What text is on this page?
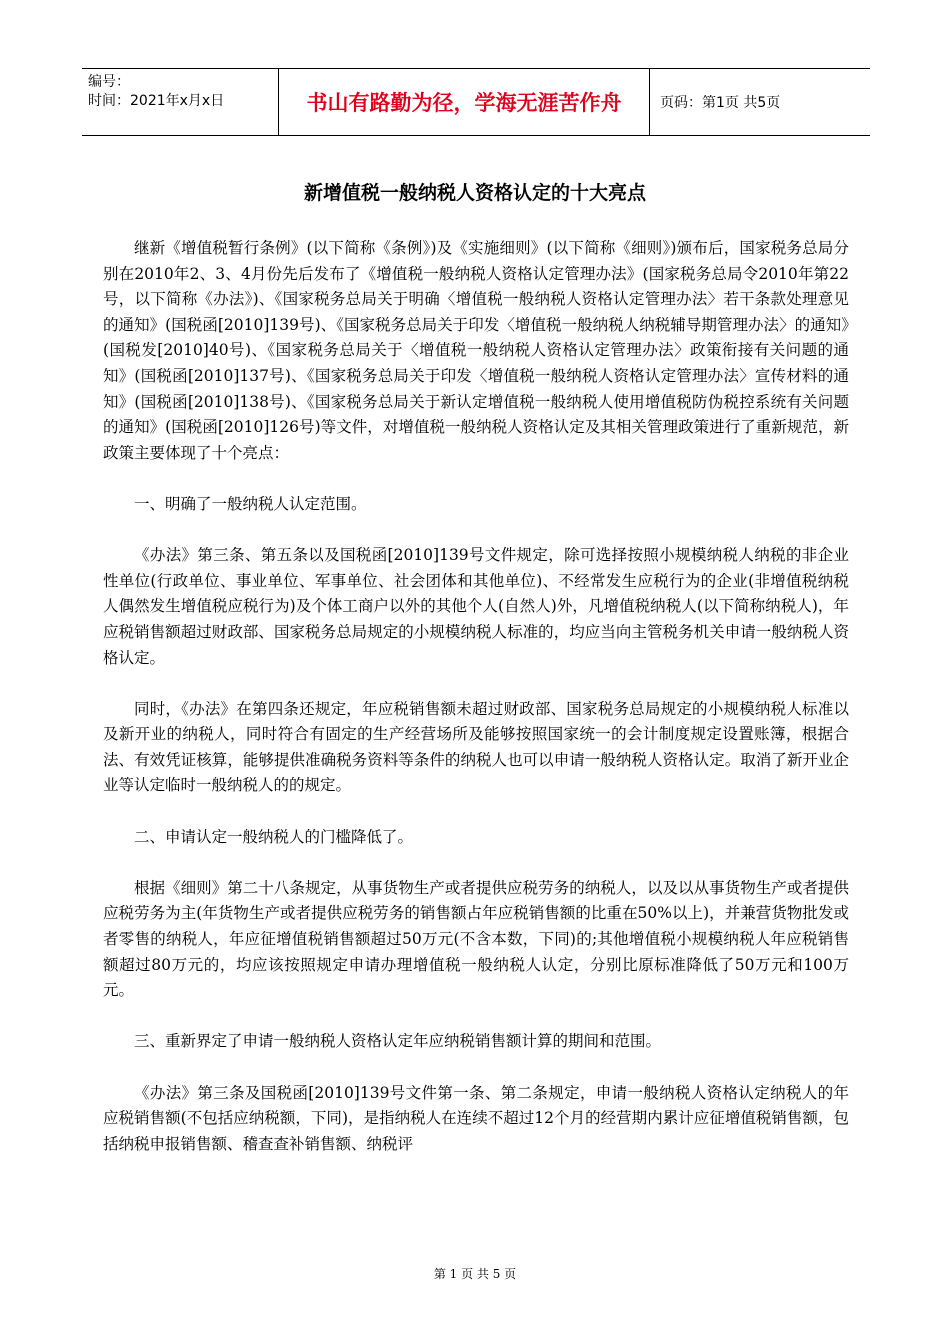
编号：
时间：2021年x月x日	书山有路勤为径，学海无涯苦作舟	页码：第1页 共5页
新增值税一般纳税人资格认定的十大亮点

继新《增值税暂行条例》(以下简称《条例》)及《实施细则》(以下简称《细则》)颁布后，国家税务总局分别在2010年2、3、4月份先后发布了《增值税一般纳税人资格认定管理办法》(国家税务总局令2010年第22号，以下简称《办法》)、《国家税务总局关于明确〈增值税一般纳税人资格认定管理办法〉若干条款处理意见的通知》(国税函[2010]139号)、《国家税务总局关于印发〈增值税一般纳税人纳税辅导期管理办法〉的通知》(国税发[2010]40号)、《国家税务总局关于〈增值税一般纳税人资格认定管理办法〉政策衔接有关问题的通知》(国税函[2010]137号)、《国家税务总局关于印发〈增值税一般纳税人资格认定管理办法〉宣传材料的通知》(国税函[2010]138号)、《国家税务总局关于新认定增值税一般纳税人使用增值税防伪税控系统有关问题的通知》(国税函[2010]126号)等文件，对增值税一般纳税人资格认定及其相关管理政策进行了重新规范，新政策主要体现了十个亮点：

一、明确了一般纳税人认定范围。

《办法》第三条、第五条以及国税函[2010]139号文件规定，除可选择按照小规模纳税人纳税的非企业性单位(行政单位、事业单位、军事单位、社会团体和其他单位)、不经常发生应税行为的企业(非增值税纳税人偶然发生增值税应税行为)及个体工商户以外的其他个人(自然人)外，凡增值税纳税人(以下简称纳税人)，年应税销售额超过财政部、国家税务总局规定的小规模纳税人标准的，均应当向主管税务机关申请一般纳税人资格认定。

同时，《办法》在第四条还规定，年应税销售额未超过财政部、国家税务总局规定的小规模纳税人标准以及新开业的纳税人，同时符合有固定的生产经营场所及能够按照国家统一的会计制度规定设置账簿，根据合法、有效凭证核算，能够提供准确税务资料等条件的纳税人也可以申请一般纳税人资格认定。取消了新开业企业等认定临时一般纳税人的的规定。

二、申请认定一般纳税人的门槛降低了。

根据《细则》第二十八条规定，从事货物生产或者提供应税劳务的纳税人，以及以从事货物生产或者提供应税劳务为主(年货物生产或者提供应税劳务的销售额占年应税销售额的比重在50%以上)，并兼营货物批发或者零售的纳税人，年应征增值税销售额超过50万元(不含本数，下同)的;其他增值税小规模纳税人年应税销售额超过80万元的，均应该按照规定申请办理增值税一般纳税人认定，分别比原标准降低了50万元和100万元。

三、重新界定了申请一般纳税人资格认定年应纳税销售额计算的期间和范围。

《办法》第三条及国税函[2010]139号文件第一条、第二条规定，申请一般纳税人资格认定纳税人的年应税销售额(不包括应纳税额，下同)，是指纳税人在连续不超过12个月的经营期内累计应征增值税销售额，包括纳税申报销售额、稽查查补销售额、纳税评

第 1 页 共 5 页
